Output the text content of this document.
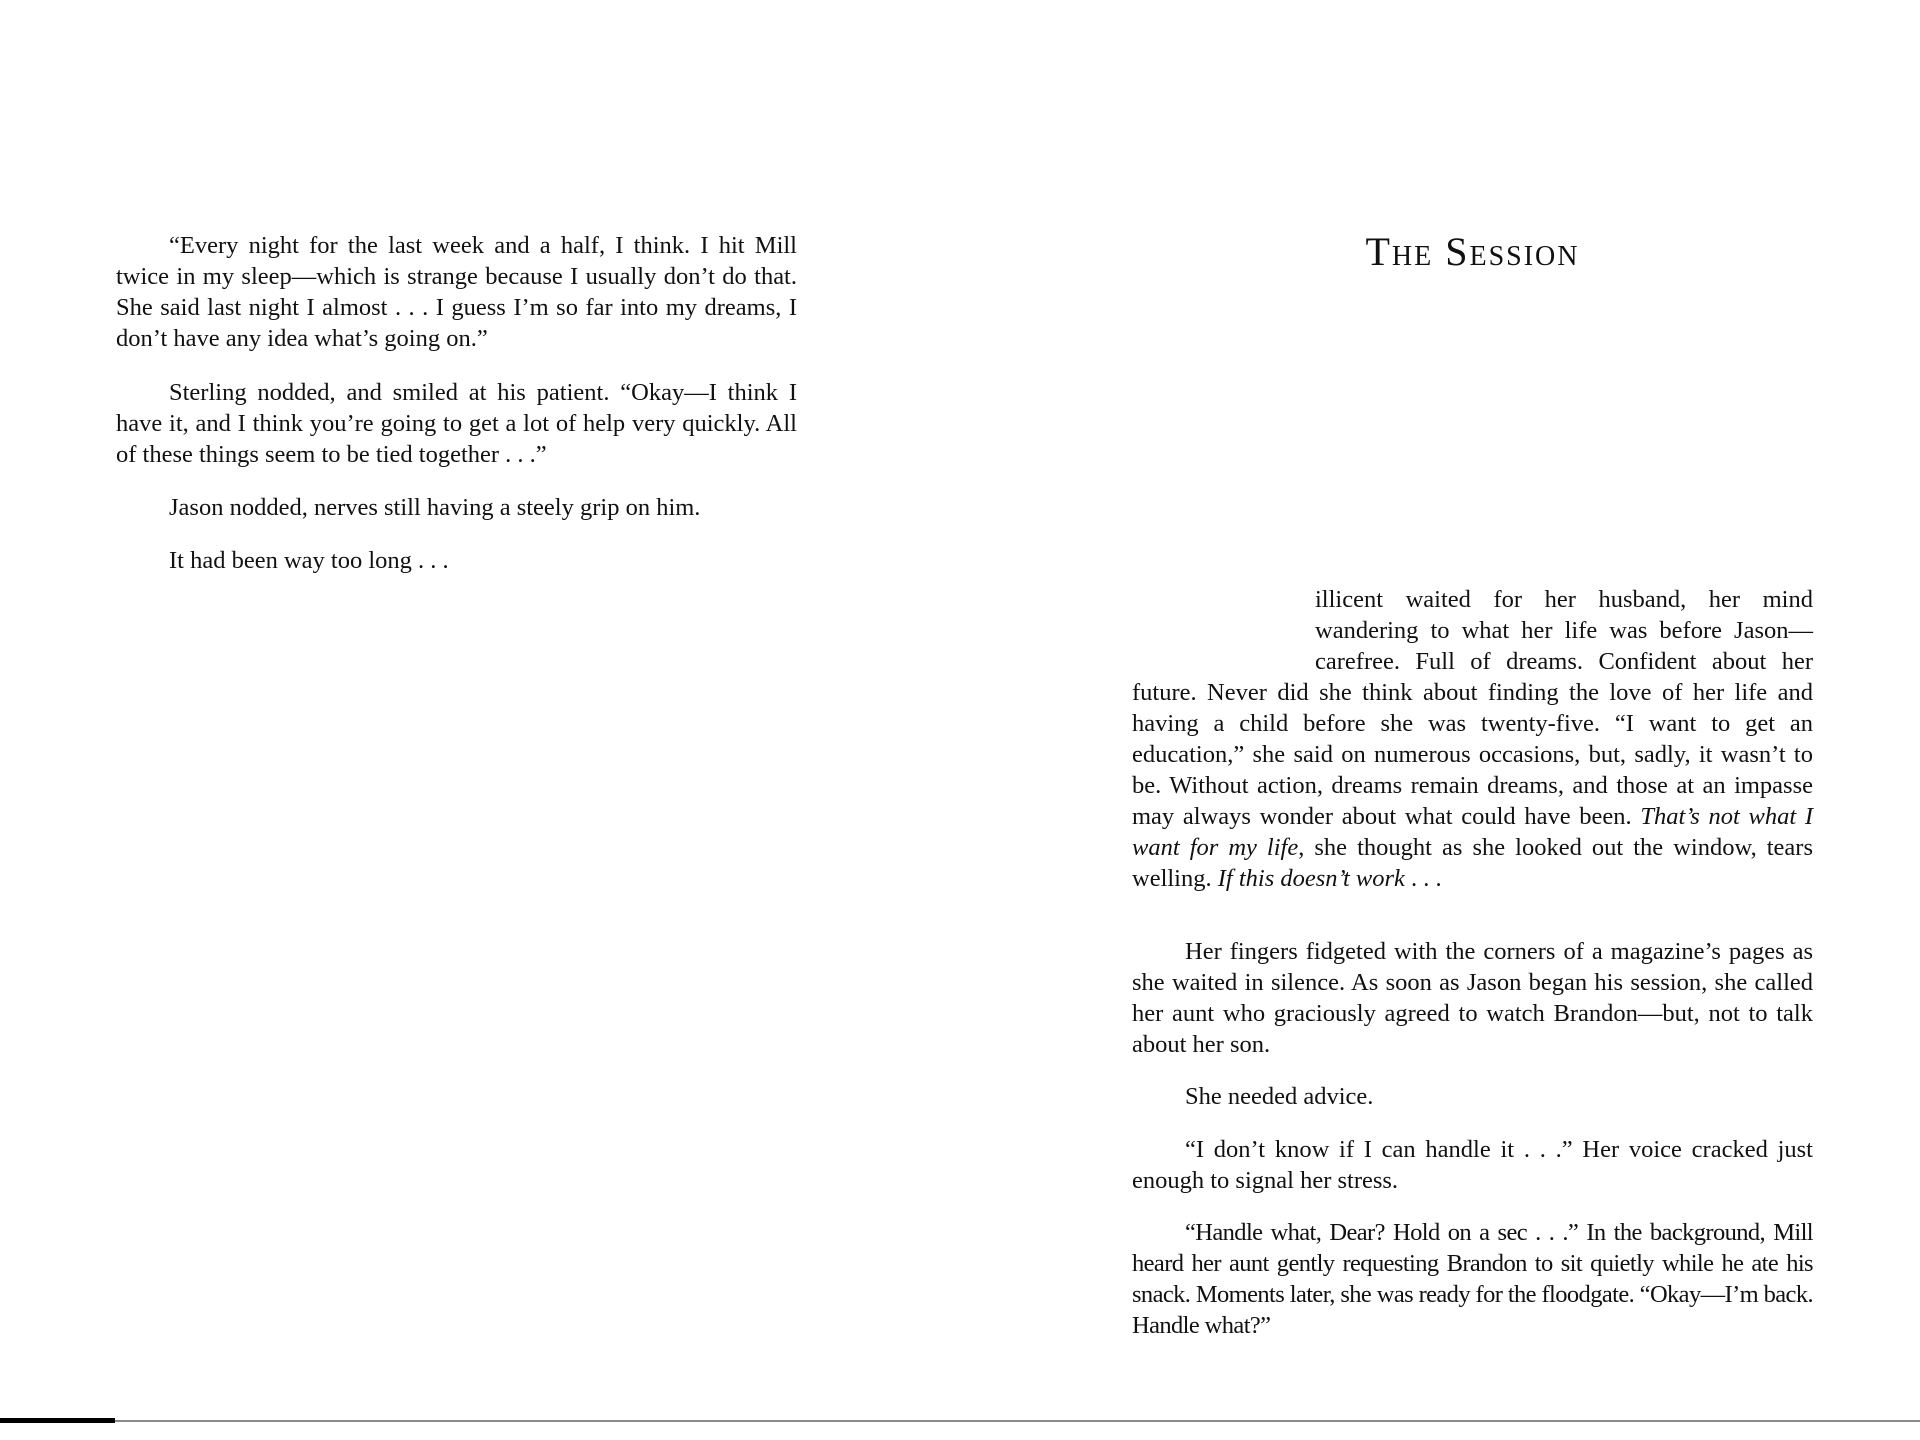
“Every night for the last week and a half, I think. I hit Mill twice in my sleep—which is strange because I usually don’t do that. She said last night I almost . . . I guess I’m so far into my dreams, I don’t have any idea what’s going on.”

Sterling nodded, and smiled at his patient. “Okay—I think I have it, and I think you’re going to get a lot of help very quickly. All of these things seem to be tied together . . .”

Jason nodded, nerves still having a steely grip on him.

It had been way too long . . .

The Session

illicent waited for her husband, her mind wandering to what her life was before Jason—carefree. Full of dreams. Confident about her future. Never did she think about finding the love of her life and having a child before she was twenty-five. “I want to get an education,” she said on numerous occasions, but, sadly, it wasn’t to be. Without action, dreams remain dreams, and those at an impasse may always wonder about what could have been. That’s not what I want for my life, she thought as she looked out the window, tears welling. If this doesn’t work . . .

Her fingers fidgeted with the corners of a magazine’s pages as she waited in silence. As soon as Jason began his session, she called her aunt who graciously agreed to watch Brandon—but, not to talk about her son.

She needed advice.

“I don’t know if I can handle it . . .” Her voice cracked just enough to signal her stress.

“Handle what, Dear? Hold on a sec . . .” In the background, Mill heard her aunt gently requesting Brandon to sit quietly while he ate his snack. Moments later, she was ready for the floodgate. “Okay—I’m back. Handle what?”
